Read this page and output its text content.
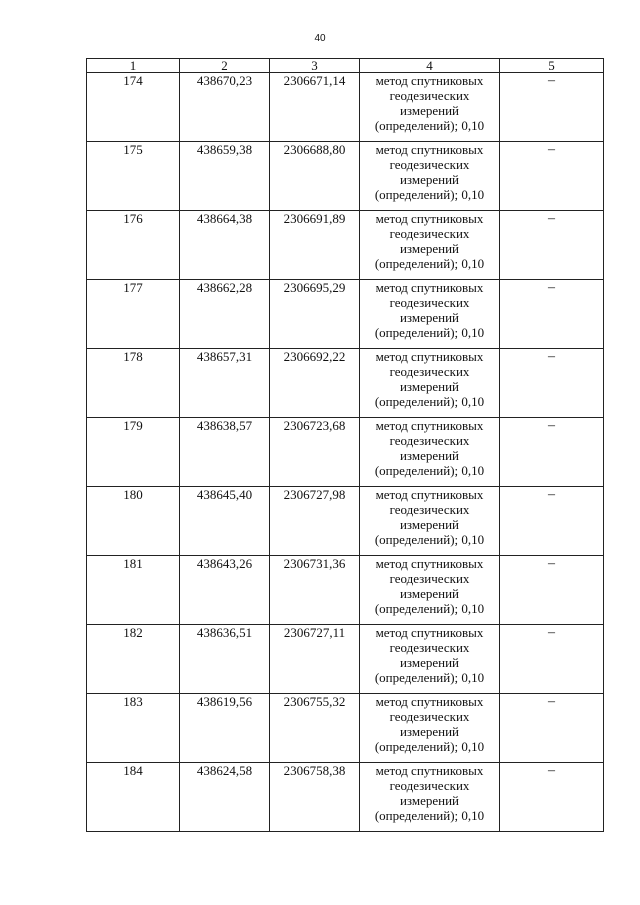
40
1	2	3	4	5
174	438670,23	2306671,14	метод спутниковых
геодезических
измерений
(определений); 0,10	–
175	438659,38	2306688,80	метод спутниковых
геодезических
измерений
(определений); 0,10	–
176	438664,38	2306691,89	метод спутниковых
геодезических
измерений
(определений); 0,10	–
177	438662,28	2306695,29	метод спутниковых
геодезических
измерений
(определений); 0,10	–
178	438657,31	2306692,22	метод спутниковых
геодезических
измерений
(определений); 0,10	–
179	438638,57	2306723,68	метод спутниковых
геодезических
измерений
(определений); 0,10	–
180	438645,40	2306727,98	метод спутниковых
геодезических
измерений
(определений); 0,10	–
181	438643,26	2306731,36	метод спутниковых
геодезических
измерений
(определений); 0,10	–
182	438636,51	2306727,11	метод спутниковых
геодезических
измерений
(определений); 0,10	–
183	438619,56	2306755,32	метод спутниковых
геодезических
измерений
(определений); 0,10	–
184	438624,58	2306758,38	метод спутниковых
геодезических
измерений
(определений); 0,10	–
